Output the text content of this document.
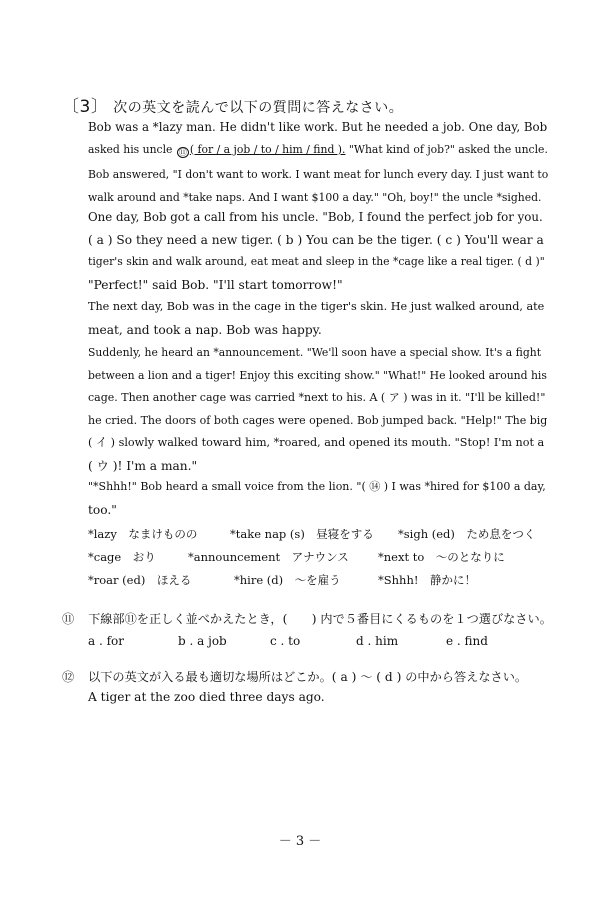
〔3〕 次の英文を読んで以下の質問に答えなさい。
Bob was a *lazy man. He didn't like work. But he needed a job. One day, Bob
asked his uncle ⑪ ( for / a job / to / him / find ). "What kind of job?" asked the uncle.
Bob answered, "I don't want to work. I want meat for lunch every day. I just want to
walk around and *take naps. And I want $100 a day." "Oh, boy!" the uncle *sighed.
One day, Bob got a call from his uncle. "Bob, I found the perfect job for you.
( a ) So they need a new tiger. ( b ) You can be the tiger. ( c ) You'll wear a
tiger's skin and walk around, eat meat and sleep in the *cage like a real tiger. ( d )"
"Perfect!" said Bob. "I'll start tomorrow!"
The next day, Bob was in the cage in the tiger's skin. He just walked around, ate
meat, and took a nap. Bob was happy.
Suddenly, he heard an *announcement. "We'll soon have a special show. It's a fight
between a lion and a tiger! Enjoy this exciting show." "What!" He looked around his
cage. Then another cage was carried *next to his. A ( ア ) was in it. "I'll be killed!"
he cried. The doors of both cages were opened. Bob jumped back. "Help!" The big
( イ ) slowly walked toward him, *roared, and opened its mouth. "Stop! I'm not a
( ウ )! I'm a man."
"*Shhh!" Bob heard a small voice from the lion. "( ⑭ ) I was *hired for $100 a day,
too."
*lazy　なまけものの	*take nap (s)　昼寝をする *sigh (ed)　ため息をつく
*cage　おり	*announcement　アナウンス	*next to　～のとなりに
*roar (ed)　ほえる	*hire (d)　～を雇う	*Shhh!　静かに！
⑪ 下線部⑪を正しく並べかえたとき，(　　) 内で５番目にくるものを１つ選びなさい。
a . for	b . a job	c . to	d . him	e . find
⑫ 以下の英文が入る最も適切な場所はどこか。( a ) ～ ( d ) の中から答えなさい。
A tiger at the zoo died three days ago.
－ 3 －
